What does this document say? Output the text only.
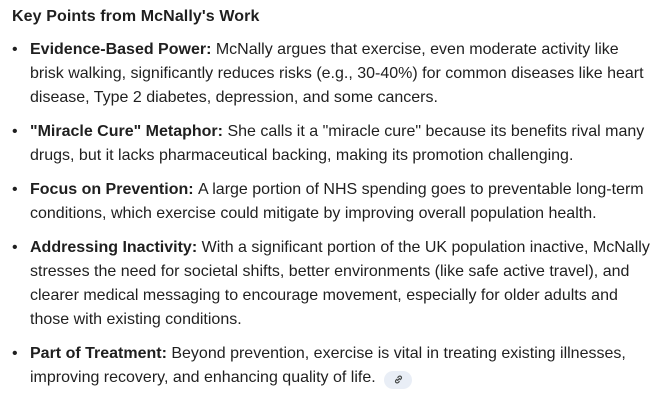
Key Points from McNally's Work
• Evidence-Based Power: McNally argues that exercise, even moderate activity like brisk walking, significantly reduces risks (e.g., 30-40%) for common diseases like heart disease, Type 2 diabetes, depression, and some cancers.
• "Miracle Cure" Metaphor: She calls it a "miracle cure" because its benefits rival many drugs, but it lacks pharmaceutical backing, making its promotion challenging.
• Focus on Prevention: A large portion of NHS spending goes to preventable long-term conditions, which exercise could mitigate by improving overall population health.
• Addressing Inactivity: With a significant portion of the UK population inactive, McNally stresses the need for societal shifts, better environments (like safe active travel), and clearer medical messaging to encourage movement, especially for older adults and those with existing conditions.
• Part of Treatment: Beyond prevention, exercise is vital in treating existing illnesses, improving recovery, and enhancing quality of life.
